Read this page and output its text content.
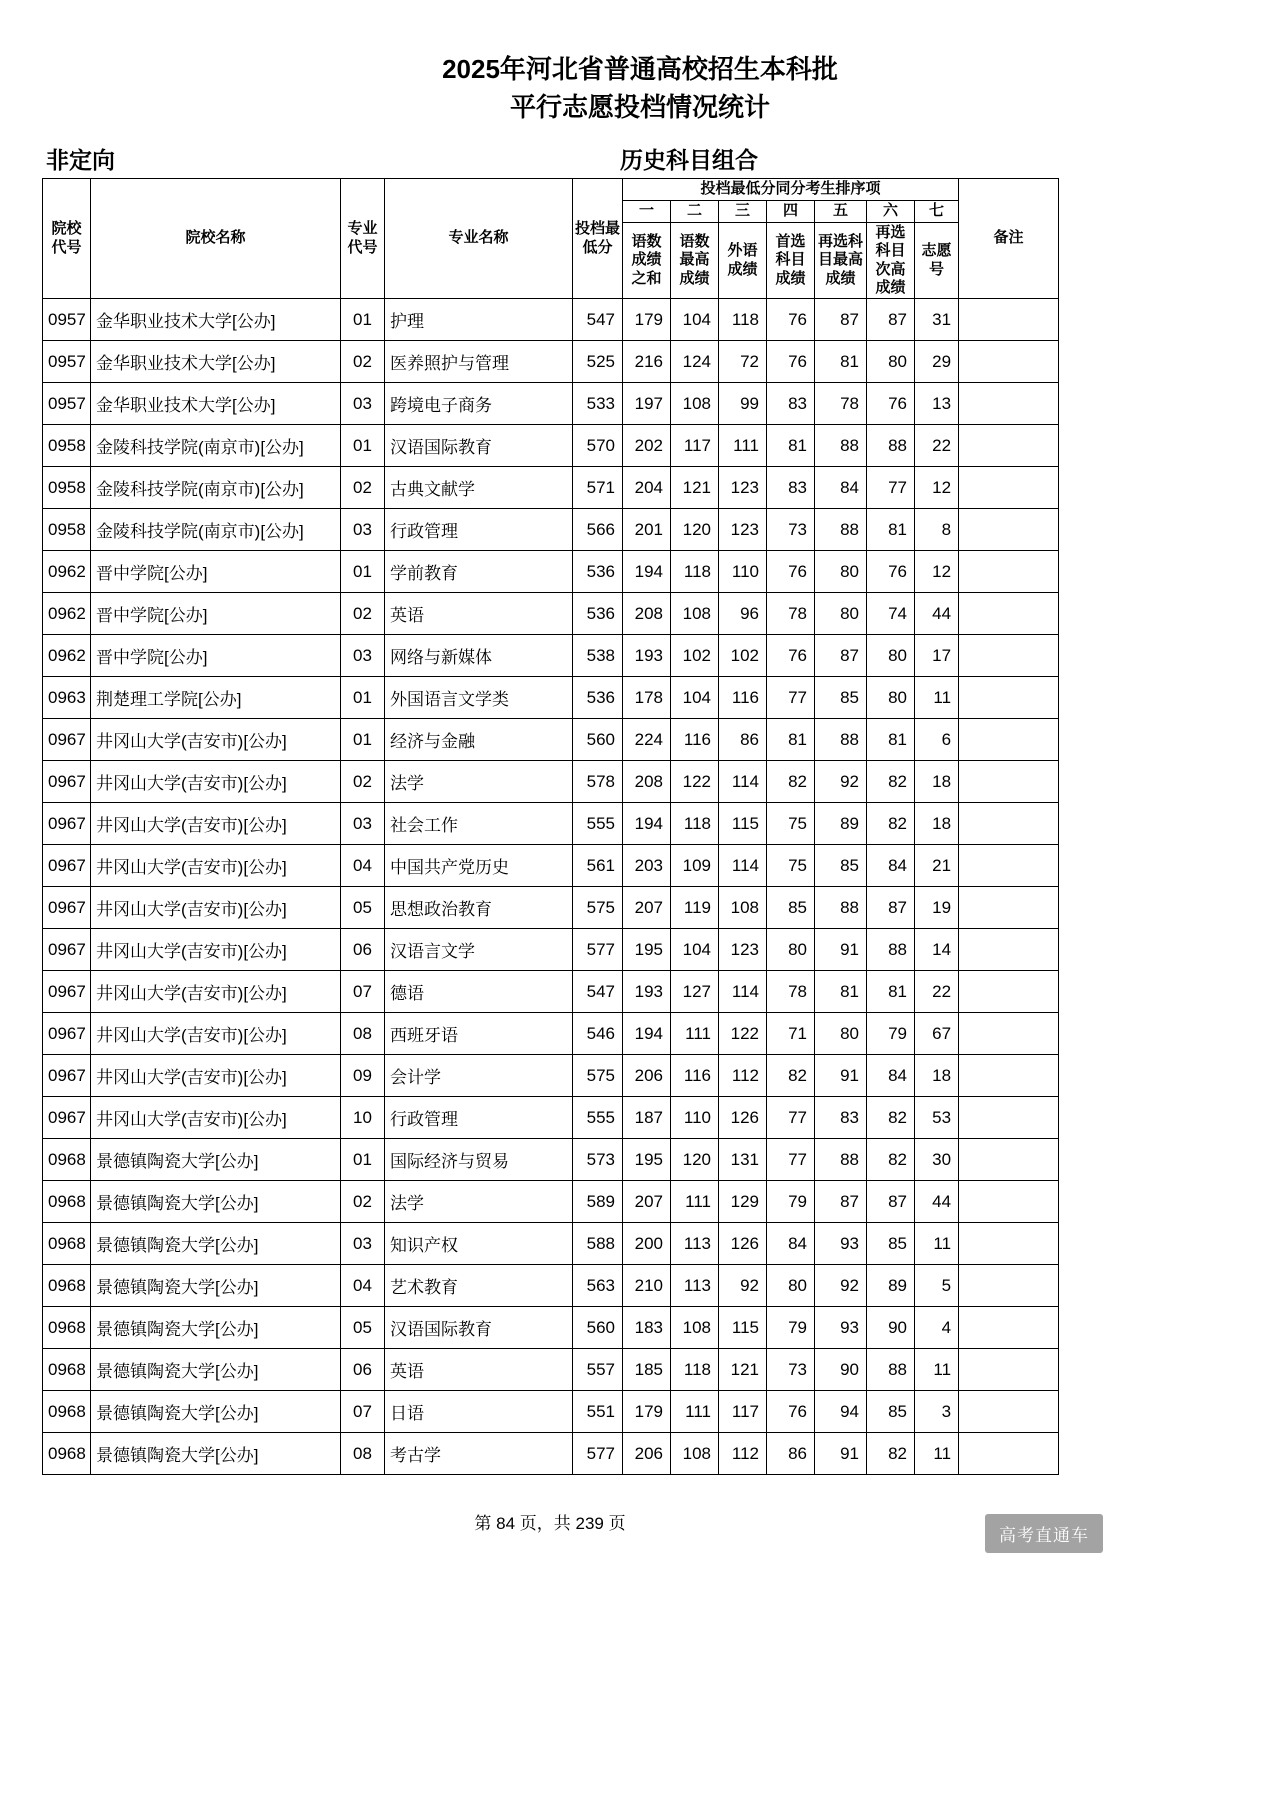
2025年河北省普通高校招生本科批
平行志愿投档情况统计
非定向	历史科目组合
院校代号	院校名称	专业代号	专业名称	投档最低分	投档最低分同分考生排序项							备注
					一	二	三	四	五	六	七	
					语数成绩之和	语数最高成绩	外语成绩	首选科目成绩	再选科目最高成绩	再选科目次高成绩	志愿号	
0957	金华职业技术大学[公办]	01	护理	547	179	104	118	76	87	87	31	
0957	金华职业技术大学[公办]	02	医养照护与管理	525	216	124	72	76	81	80	29	
0957	金华职业技术大学[公办]	03	跨境电子商务	533	197	108	99	83	78	76	13	
0958	金陵科技学院(南京市)[公办]	01	汉语国际教育	570	202	117	111	81	88	88	22	
0958	金陵科技学院(南京市)[公办]	02	古典文献学	571	204	121	123	83	84	77	12	
0958	金陵科技学院(南京市)[公办]	03	行政管理	566	201	120	123	73	88	81	8	
0962	晋中学院[公办]	01	学前教育	536	194	118	110	76	80	76	12	
0962	晋中学院[公办]	02	英语	536	208	108	96	78	80	74	44	
0962	晋中学院[公办]	03	网络与新媒体	538	193	102	102	76	87	80	17	
0963	荆楚理工学院[公办]	01	外国语言文学类	536	178	104	116	77	85	80	11	
0967	井冈山大学(吉安市)[公办]	01	经济与金融	560	224	116	86	81	88	81	6	
0967	井冈山大学(吉安市)[公办]	02	法学	578	208	122	114	82	92	82	18	
0967	井冈山大学(吉安市)[公办]	03	社会工作	555	194	118	115	75	89	82	18	
0967	井冈山大学(吉安市)[公办]	04	中国共产党历史	561	203	109	114	75	85	84	21	
0967	井冈山大学(吉安市)[公办]	05	思想政治教育	575	207	119	108	85	88	87	19	
0967	井冈山大学(吉安市)[公办]	06	汉语言文学	577	195	104	123	80	91	88	14	
0967	井冈山大学(吉安市)[公办]	07	德语	547	193	127	114	78	81	81	22	
0967	井冈山大学(吉安市)[公办]	08	西班牙语	546	194	111	122	71	80	79	67	
0967	井冈山大学(吉安市)[公办]	09	会计学	575	206	116	112	82	91	84	18	
0967	井冈山大学(吉安市)[公办]	10	行政管理	555	187	110	126	77	83	82	53	
0968	景德镇陶瓷大学[公办]	01	国际经济与贸易	573	195	120	131	77	88	82	30	
0968	景德镇陶瓷大学[公办]	02	法学	589	207	111	129	79	87	87	44	
0968	景德镇陶瓷大学[公办]	03	知识产权	588	200	113	126	84	93	85	11	
0968	景德镇陶瓷大学[公办]	04	艺术教育	563	210	113	92	80	92	89	5	
0968	景德镇陶瓷大学[公办]	05	汉语国际教育	560	183	108	115	79	93	90	4	
0968	景德镇陶瓷大学[公办]	06	英语	557	185	118	121	73	90	88	11	
0968	景德镇陶瓷大学[公办]	07	日语	551	179	111	117	76	94	85	3	
0968	景德镇陶瓷大学[公办]	08	考古学	577	206	108	112	86	91	82	11	
第 84 页，共 239 页
高考直通车
